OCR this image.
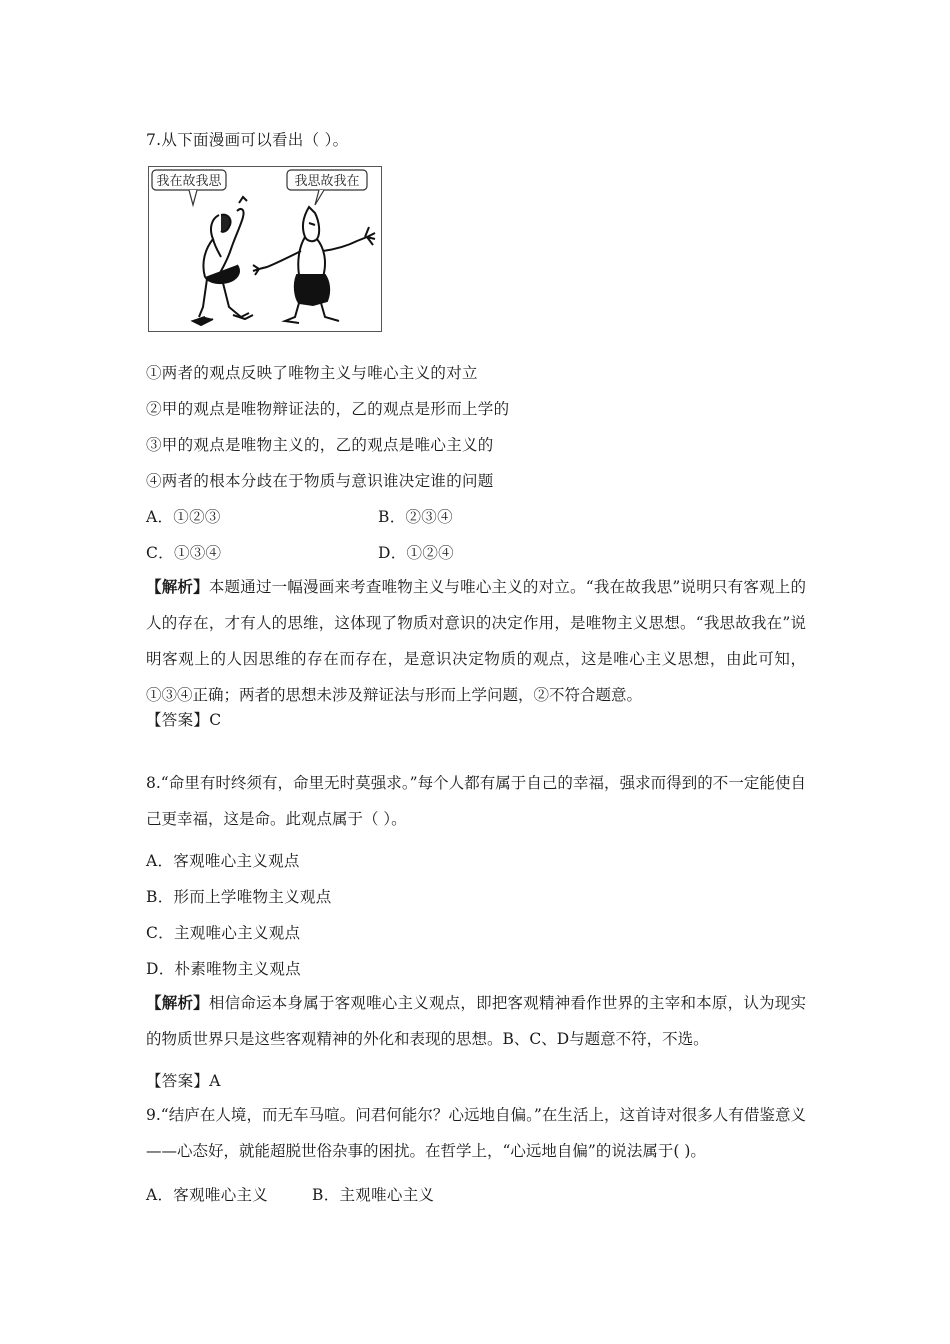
7.从下面漫画可以看出（ ）。
我在故我思	我思故我在
①两者的观点反映了唯物主义与唯心主义的对立
②甲的观点是唯物辩证法的，乙的观点是形而上学的
③甲的观点是唯物主义的，乙的观点是唯心主义的
④两者的根本分歧在于物质与意识谁决定谁的问题
A．①②③	B．②③④
C．①③④	D．①②④
【解析】本题通过一幅漫画来考查唯物主义与唯心主义的对立。“我在故我思”说明只有客观上的人的存在，才有人的思维，这体现了物质对意识的决定作用，是唯物主义思想。“我思故我在”说明客观上的人因思维的存在而存在，是意识决定物质的观点，这是唯心主义思想，由此可知，①③④正确；两者的思想未涉及辩证法与形而上学问题，②不符合题意。
【答案】C
8.“命里有时终须有，命里无时莫强求。”每个人都有属于自己的幸福，强求而得到的不一定能使自己更幸福，这是命。此观点属于（ ）。
A．客观唯心主义观点
B．形而上学唯物主义观点
C．主观唯心主义观点
D．朴素唯物主义观点
【解析】相信命运本身属于客观唯心主义观点，即把客观精神看作世界的主宰和本原，认为现实的物质世界只是这些客观精神的外化和表现的思想。B、C、D与题意不符，不选。
【答案】A
9.“结庐在人境，而无车马喧。问君何能尔？心远地自偏。”在生活上，这首诗对很多人有借鉴意义——心态好，就能超脱世俗杂事的困扰。在哲学上，“心远地自偏”的说法属于( )。
A．客观唯心主义	B．主观唯心主义
